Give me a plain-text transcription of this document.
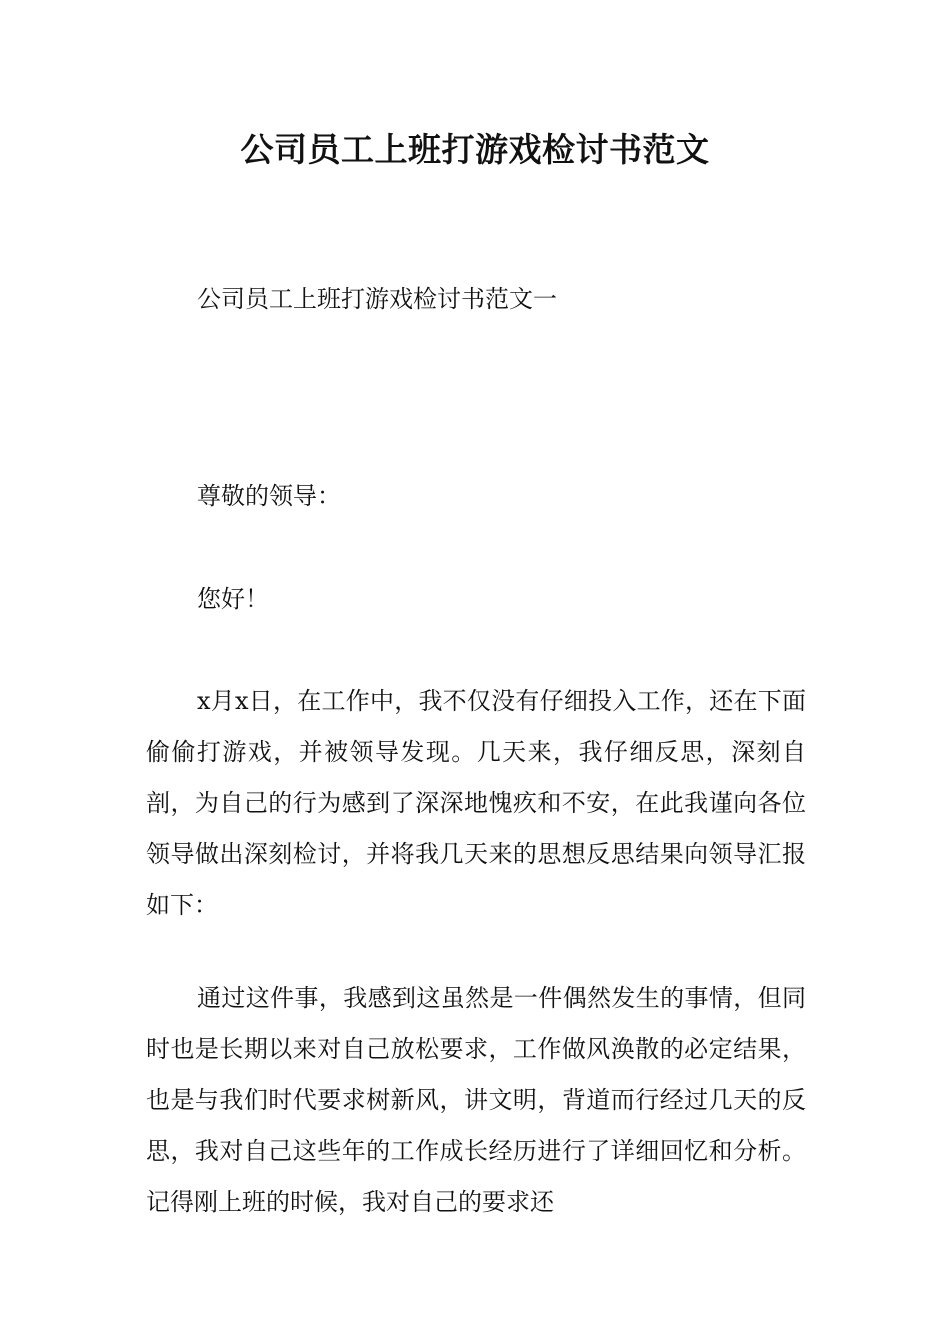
公司员工上班打游戏检讨书范文

公司员工上班打游戏检讨书范文一

尊敬的领导：

您好！

x月x日，在工作中，我不仅没有仔细投入工作，还在下面偷偷打游戏，并被领导发现。几天来，我仔细反思，深刻自剖，为自己的行为感到了深深地愧疚和不安，在此我谨向各位领导做出深刻检讨，并将我几天来的思想反思结果向领导汇报如下：

通过这件事，我感到这虽然是一件偶然发生的事情，但同时也是长期以来对自己放松要求，工作做风涣散的必定结果，也是与我们时代要求树新风，讲文明，背道而行经过几天的反思，我对自己这些年的工作成长经历进行了详细回忆和分析。记得刚上班的时候，我对自己的要求还
